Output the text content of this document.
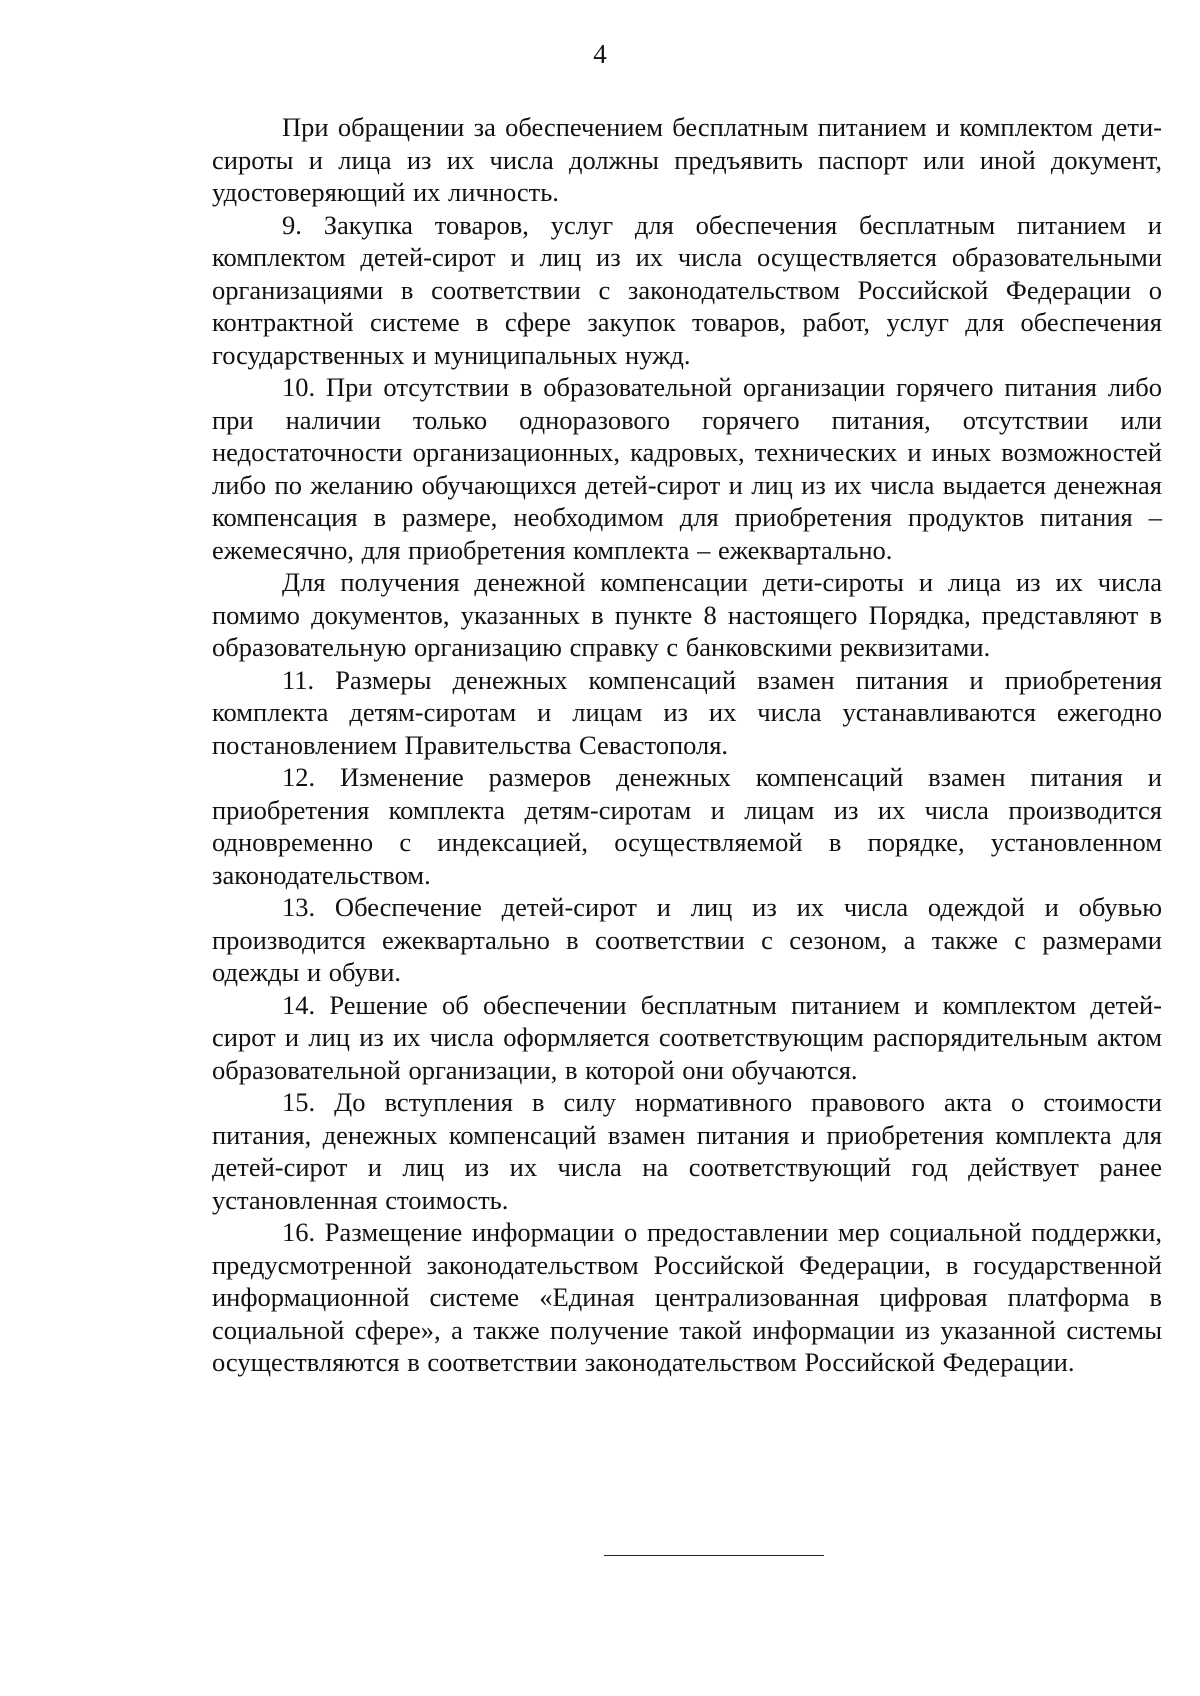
4

При обращении за обеспечением бесплатным питанием и комплектом дети-сироты и лица из их числа должны предъявить паспорт или иной документ, удостоверяющий их личность.

9. Закупка товаров, услуг для обеспечения бесплатным питанием и комплектом детей-сирот и лиц из их числа осуществляется образовательными организациями в соответствии с законодательством Российской Федерации о контрактной системе в сфере закупок товаров, работ, услуг для обеспечения государственных и муниципальных нужд.

10. При отсутствии в образовательной организации горячего питания либо при наличии только одноразового горячего питания, отсутствии или недостаточности организационных, кадровых, технических и иных возможностей либо по желанию обучающихся детей-сирот и лиц из их числа выдается денежная компенсация в размере, необходимом для приобретения продуктов питания – ежемесячно, для приобретения комплекта – ежеквартально.

Для получения денежной компенсации дети-сироты и лица из их числа помимо документов, указанных в пункте 8 настоящего Порядка, представляют в образовательную организацию справку с банковскими реквизитами.

11. Размеры денежных компенсаций взамен питания и приобретения комплекта детям-сиротам и лицам из их числа устанавливаются ежегодно постановлением Правительства Севастополя.

12. Изменение размеров денежных компенсаций взамен питания и приобретения комплекта детям-сиротам и лицам из их числа производится одновременно с индексацией, осуществляемой в порядке, установленном законодательством.

13. Обеспечение детей-сирот и лиц из их числа одеждой и обувью производится ежеквартально в соответствии с сезоном, а также с размерами одежды и обуви.

14. Решение об обеспечении бесплатным питанием и комплектом детей-сирот и лиц из их числа оформляется соответствующим распорядительным актом образовательной организации, в которой они обучаются.

15. До вступления в силу нормативного правового акта о стоимости питания, денежных компенсаций взамен питания и приобретения комплекта для детей-сирот и лиц из их числа на соответствующий год действует ранее установленная стоимость.

16. Размещение информации о предоставлении мер социальной поддержки, предусмотренной законодательством Российской Федерации, в государственной информационной системе «Единая централизованная цифровая платформа в социальной сфере», а также получение такой информации из указанной системы осуществляются в соответствии законодательством Российской Федерации.
